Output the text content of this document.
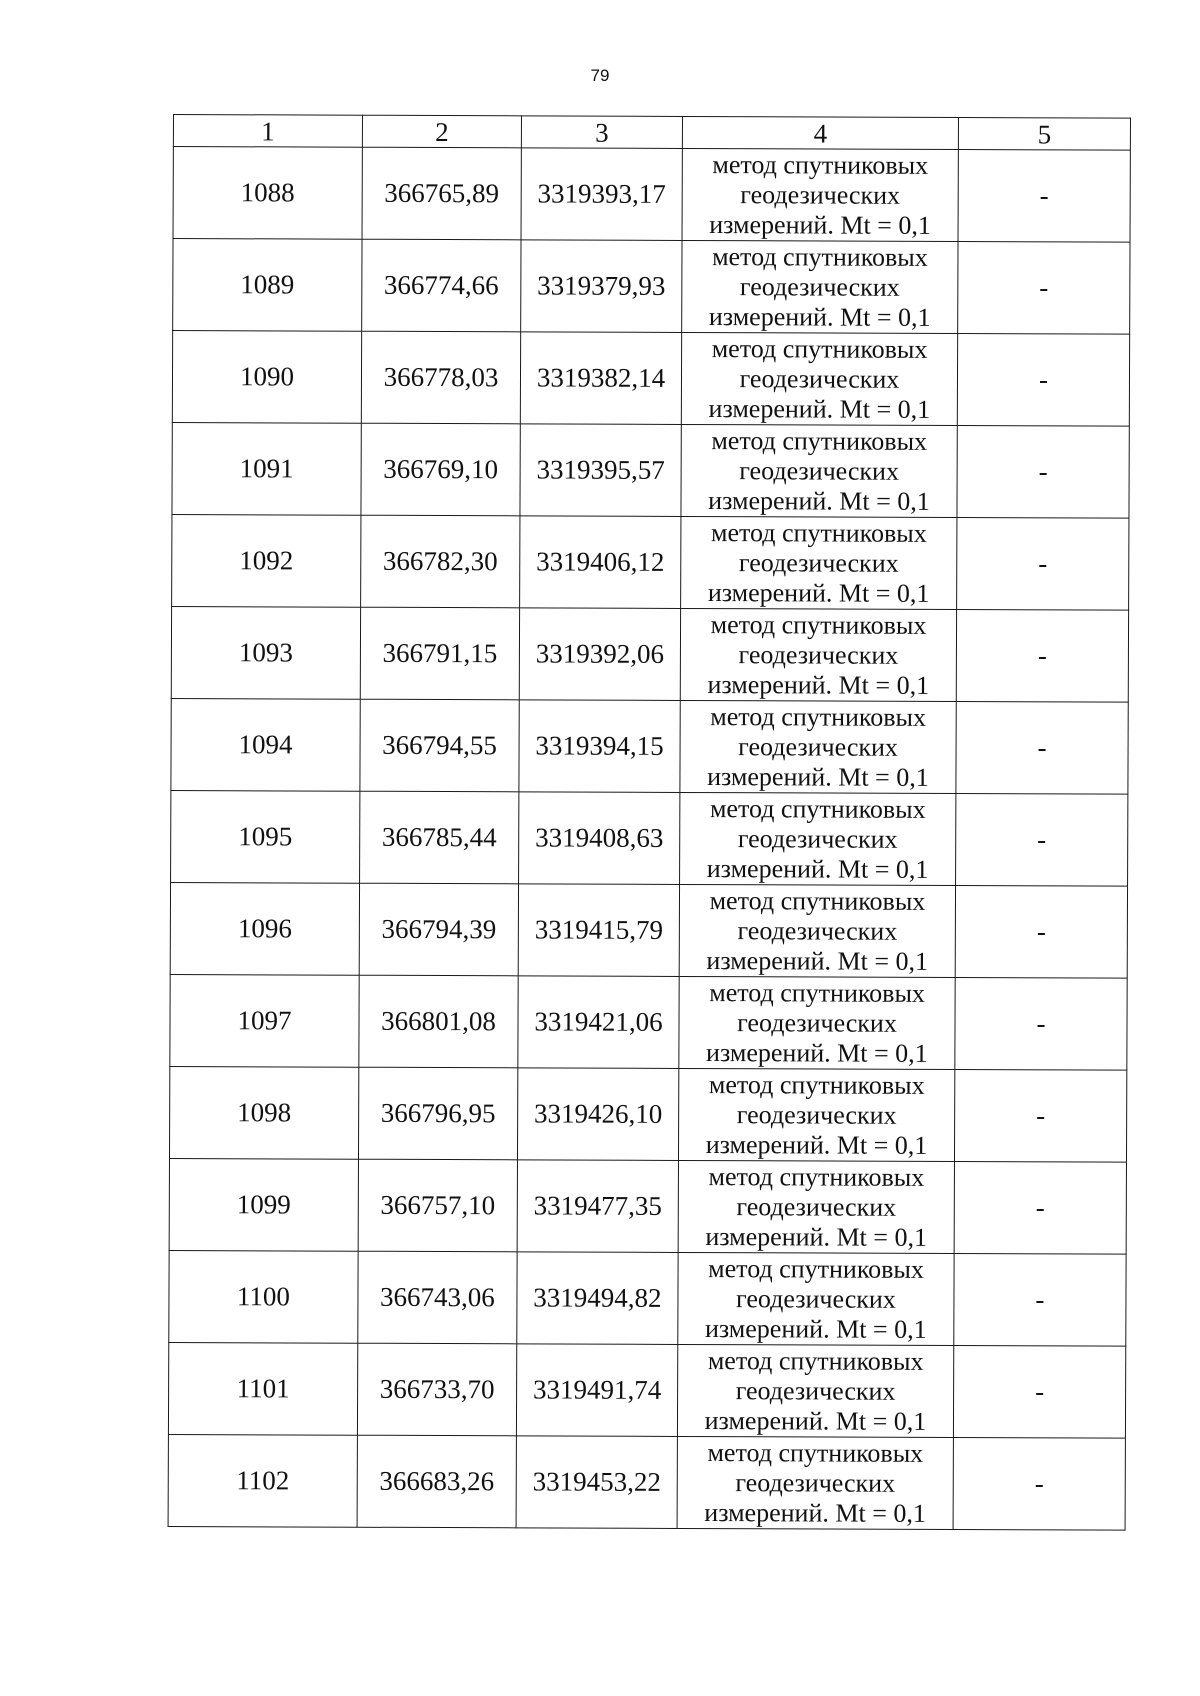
79
1	2	3	4	5
1088	366765,89	3319393,17	метод спутниковых
геодезических
измерений. Mt = 0,1	-
1089	366774,66	3319379,93	метод спутниковых
геодезических
измерений. Mt = 0,1	-
1090	366778,03	3319382,14	метод спутниковых
геодезических
измерений. Mt = 0,1	-
1091	366769,10	3319395,57	метод спутниковых
геодезических
измерений. Mt = 0,1	-
1092	366782,30	3319406,12	метод спутниковых
геодезических
измерений. Mt = 0,1	-
1093	366791,15	3319392,06	метод спутниковых
геодезических
измерений. Mt = 0,1	-
1094	366794,55	3319394,15	метод спутниковых
геодезических
измерений. Mt = 0,1	-
1095	366785,44	3319408,63	метод спутниковых
геодезических
измерений. Mt = 0,1	-
1096	366794,39	3319415,79	метод спутниковых
геодезических
измерений. Mt = 0,1	-
1097	366801,08	3319421,06	метод спутниковых
геодезических
измерений. Mt = 0,1	-
1098	366796,95	3319426,10	метод спутниковых
геодезических
измерений. Mt = 0,1	-
1099	366757,10	3319477,35	метод спутниковых
геодезических
измерений. Mt = 0,1	-
1100	366743,06	3319494,82	метод спутниковых
геодезических
измерений. Mt = 0,1	-
1101	366733,70	3319491,74	метод спутниковых
геодезических
измерений. Mt = 0,1	-
1102	366683,26	3319453,22	метод спутниковых
геодезических
измерений. Mt = 0,1	-
